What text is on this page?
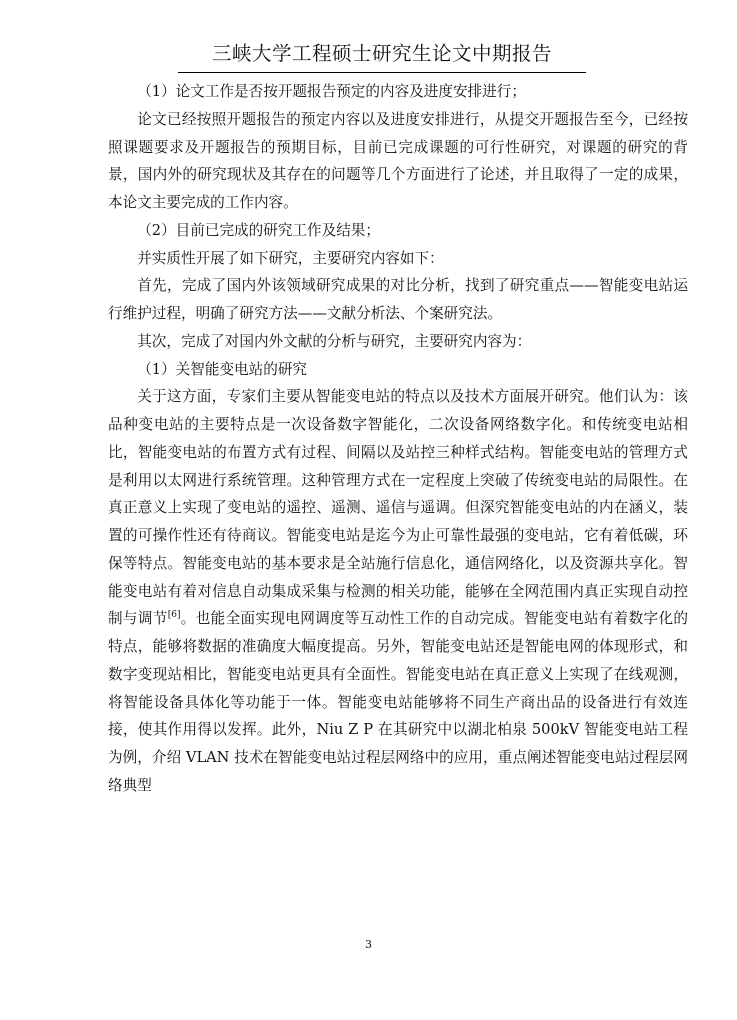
三峡大学工程硕士研究生论文中期报告

（1）论文工作是否按开题报告预定的内容及进度安排进行；

论文已经按照开题报告的预定内容以及进度安排进行，从提交开题报告至今，已经按照课题要求及开题报告的预期目标，目前已完成课题的可行性研究，对课题的研究的背景，国内外的研究现状及其存在的问题等几个方面进行了论述，并且取得了一定的成果，本论文主要完成的工作内容。

（2）目前已完成的研究工作及结果；

并实质性开展了如下研究，主要研究内容如下：

首先，完成了国内外该领域研究成果的对比分析，找到了研究重点——智能变电站运行维护过程，明确了研究方法——文献分析法、个案研究法。

其次，完成了对国内外文献的分析与研究，主要研究内容为：

（1）关智能变电站的研究

关于这方面，专家们主要从智能变电站的特点以及技术方面展开研究。他们认为：该品种变电站的主要特点是一次设备数字智能化，二次设备网络数字化。和传统变电站相比，智能变电站的布置方式有过程、间隔以及站控三种样式结构。智能变电站的管理方式是利用以太网进行系统管理。这种管理方式在一定程度上突破了传统变电站的局限性。在真正意义上实现了变电站的遥控、遥测、遥信与遥调。但深究智能变电站的内在涵义，装置的可操作性还有待商议。智能变电站是迄今为止可靠性最强的变电站，它有着低碳，环保等特点。智能变电站的基本要求是全站施行信息化，通信网络化，以及资源共享化。智能变电站有着对信息自动集成采集与检测的相关功能，能够在全网范围内真正实现自动控制与调节[6]。也能全面实现电网调度等互动性工作的自动完成。智能变电站有着数字化的特点，能够将数据的准确度大幅度提高。另外，智能变电站还是智能电网的体现形式，和数字变现站相比，智能变电站更具有全面性。智能变电站在真正意义上实现了在线观测，将智能设备具体化等功能于一体。智能变电站能够将不同生产商出品的设备进行有效连接，使其作用得以发挥。此外，Niu Z P 在其研究中以湖北柏泉 500kV 智能变电站工程为例，介绍 VLAN 技术在智能变电站过程层网络中的应用，重点阐述智能变电站过程层网络典型

3
